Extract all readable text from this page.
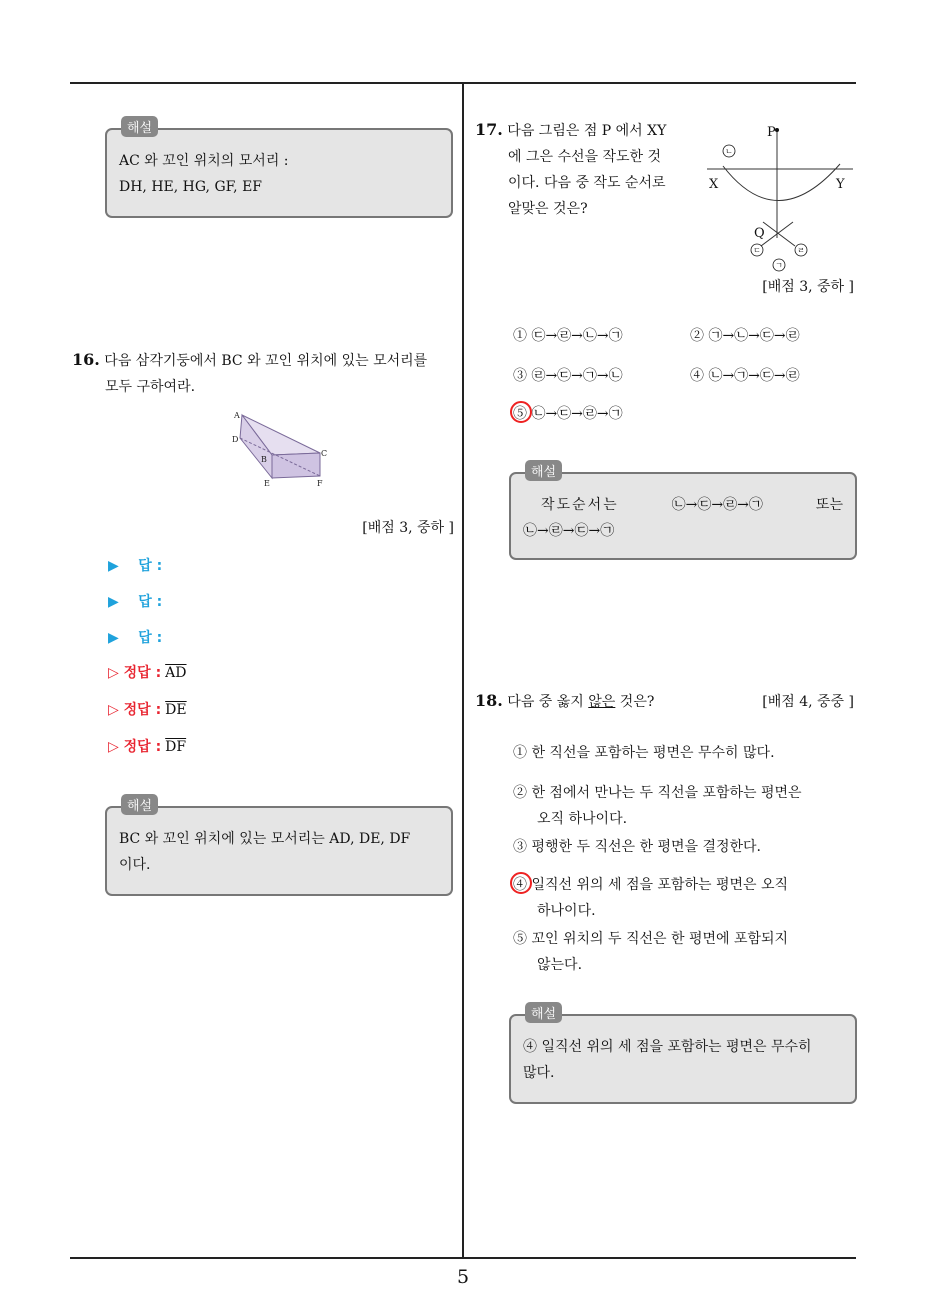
5
해설
AC 와 꼬인 위치의 모서리 :
DH, HE, HG, GF, EF
16. 다음 삼각기둥에서 BC 와 꼬인 위치에 있는 모서리를
모두 구하여라.
A
D
B
C
E	F
[배점 3, 중하 ]
▶    답 :
▶    답 :
▶    답 :
▷ 정답 : $\overline{AD}$
▷ 정답 : $\overline{DE}$
▷ 정답 : $\overline{DF}$
해설
BC 와 꼬인 위치에 있는 모서리는 AD, DE, DF
이다.
17. 다음 그림은 점 P 에서 XY
에 그은 수선을 작도한 것
이다. 다음 중 작도 순서로
알맞은 것은?
P
X	Y
Q
ㄴ
ㄷ	ㄹ
ㄱ
[배점 3, 중하 ]
① ㉢→㉣→㉡→㉠	② ㉠→㉡→㉢→㉣
③ ㉣→㉢→㉠→㉡	④ ㉡→㉠→㉢→㉣
⑤ ㉡→㉢→㉣→㉠
해설
작도순서는	㉡→㉢→㉣→㉠	또는
㉡→㉣→㉢→㉠
18. 다음 중 옳지 않은 것은?	[배점 4, 중중 ]
① 한 직선을 포함하는 평면은 무수히 많다.
② 한 점에서 만나는 두 직선을 포함하는 평면은
오직 하나이다.
③ 평행한 두 직선은 한 평면을 결정한다.
④ 일직선 위의 세 점을 포함하는 평면은 오직
하나이다.
⑤ 꼬인 위치의 두 직선은 한 평면에 포함되지
않는다.
해설
④ 일직선 위의 세 점을 포함하는 평면은 무수히
많다.
